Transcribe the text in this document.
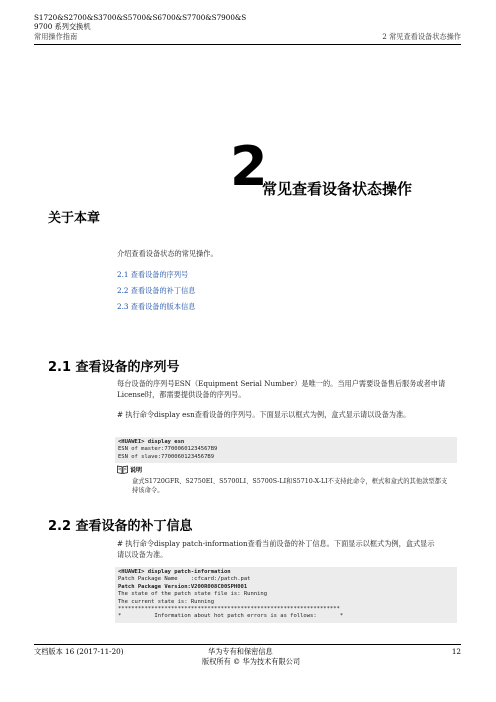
S1720&S2700&S3700&S5700&S6700&S7700&S7900&S
9700 系列交换机
常用操作指南	2 常见查看设备状态操作
2
常见查看设备状态操作
关于本章
介绍查看设备状态的常见操作。
2.1 查看设备的序列号
2.2 查看设备的补丁信息
2.3 查看设备的版本信息
2.1 查看设备的序列号
每台设备的序列号ESN（Equipment Serial Number）是唯一的。当用户需要设备售后服务或者申请License时，都需要提供设备的序列号。
# 执行命令display esn查看设备的序列号。下面显示以框式为例，盒式显示请以设备为准。
<HUAWEI> display esn
ESN of master:77000601234567B9
ESN of slave:77000601234567B9
说明
盒式S1720GFR、S2750EI、S5700LI、S5700S-LI和S5710-X-LI不支持此命令，框式和盒式的其他款型都支持该命令。
2.2 查看设备的补丁信息
# 执行命令display patch-information查看当前设备的补丁信息。下面显示以框式为例，盒式显示请以设备为准。
<HUAWEI> display patch-information
Patch Package Name    :cfcard:/patch.pat
Patch Package Version:V200R008C00SPH001
The state of the patch state file is: Running
The current state is: Running
*******************************************************************
*          Information about hot patch errors is as follows:       *
文档版本 16 (2017-11-20)	华为专有和保密信息
版权所有 © 华为技术有限公司
12
